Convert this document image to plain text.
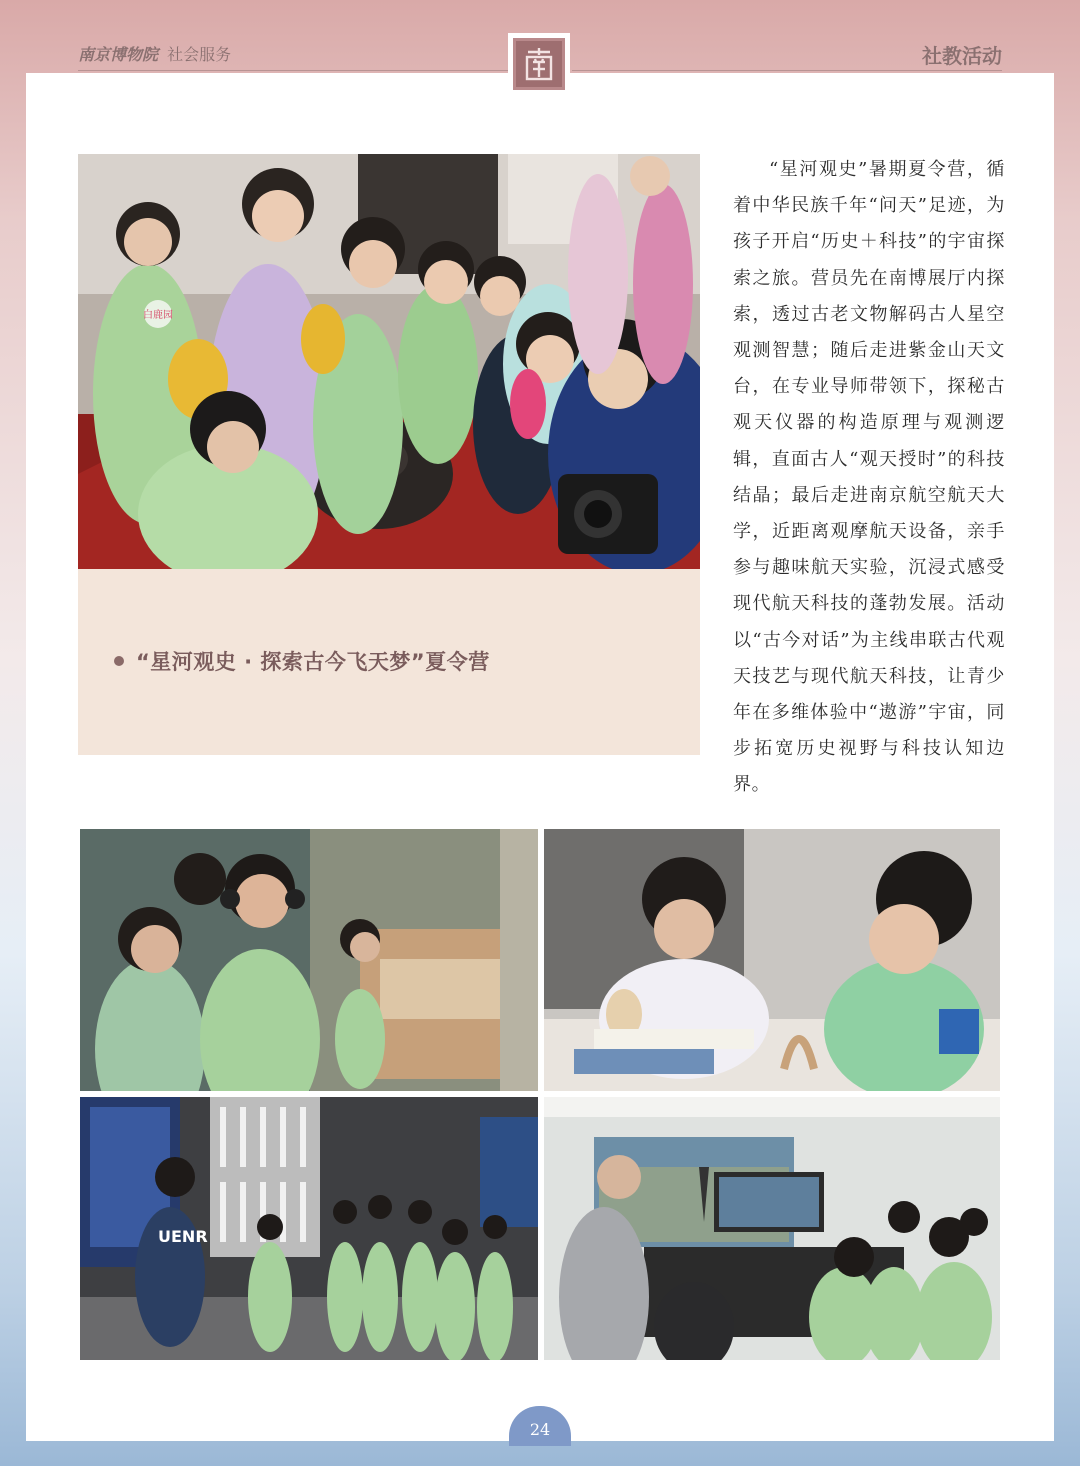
南京博物院 社会服务	社教活动
白鹿园
“星河观史 · 探索古今飞天梦”夏令营
“星河观史”暑期夏令营，循着中华民族千年“问天”足迹，为孩子开启“历史＋科技”的宇宙探索之旅。营员先在南博展厅内探索，透过古老文物解码古人星空观测智慧；随后走进紫金山天文台，在专业导师带领下，探秘古观天仪器的构造原理与观测逻辑，直面古人“观天授时”的科技结晶；最后走进南京航空航天大学，近距离观摩航天设备，亲手参与趣味航天实验，沉浸式感受现代航天科技的蓬勃发展。活动以“古今对话”为主线串联古代观天技艺与现代航天科技，让青少年在多维体验中“遨游”宇宙，同步拓宽历史视野与科技认知边界。
UENR
24
